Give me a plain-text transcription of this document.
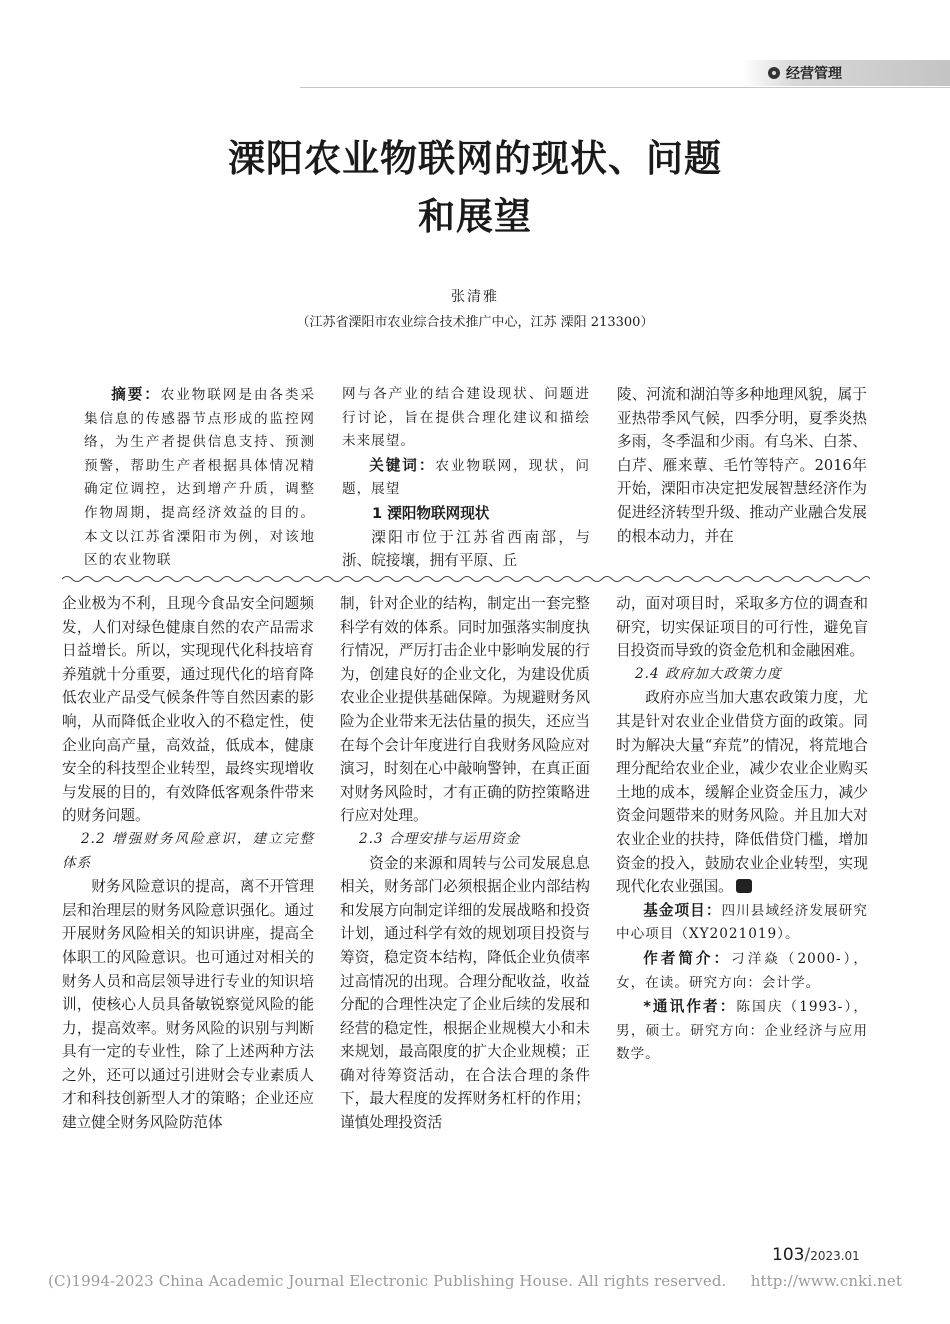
经营管理
溧阳农业物联网的现状、问题
和展望
张清雅
（江苏省溧阳市农业综合技术推广中心，江苏 溧阳 213300）

摘要：农业物联网是由各类采集信息的传感器节点形成的监控网络，为生产者提供信息支持、预测预警，帮助生产者根据具体情况精确定位调控，达到增产升质，调整作物周期，提高经济效益的目的。本文以江苏省溧阳市为例，对该地区的农业物联

网与各产业的结合建设现状、问题进行讨论，旨在提供合理化建议和描绘未来展望。

关键词：农业物联网，现状，问题，展望

1 溧阳物联网现状

溧阳市位于江苏省西南部，与浙、皖接壤，拥有平原、丘

陵、河流和湖泊等多种地理风貌，属于亚热带季风气候，四季分明，夏季炎热多雨，冬季温和少雨。有乌米、白茶、白芹、雁来蕈、毛竹等特产。2016年开始，溧阳市决定把发展智慧经济作为促进经济转型升级、推动产业融合发展的根本动力，并在

企业极为不利，且现今食品安全问题频发，人们对绿色健康自然的农产品需求日益增长。所以，实现现代化科技培育养殖就十分重要，通过现代化的培育降低农业产品受气候条件等自然因素的影响，从而降低企业收入的不稳定性，使企业向高产量，高效益，低成本，健康安全的科技型企业转型，最终实现增收与发展的目的，有效降低客观条件带来的财务问题。

2.2 增强财务风险意识，建立完整体系

财务风险意识的提高，离不开管理层和治理层的财务风险意识强化。通过开展财务风险相关的知识讲座，提高全体职工的风险意识。也可通过对相关的财务人员和高层领导进行专业的知识培训，使核心人员具备敏锐察觉风险的能力，提高效率。财务风险的识别与判断具有一定的专业性，除了上述两种方法之外，还可以通过引进财会专业素质人才和科技创新型人才的策略；企业还应建立健全财务风险防范体

制，针对企业的结构，制定出一套完整科学有效的体系。同时加强落实制度执行情况，严厉打击企业中影响发展的行为，创建良好的企业文化，为建设优质农业企业提供基础保障。为规避财务风险为企业带来无法估量的损失，还应当在每个会计年度进行自我财务风险应对演习，时刻在心中敲响警钟，在真正面对财务风险时，才有正确的防控策略进行应对处理。

2.3 合理安排与运用资金

资金的来源和周转与公司发展息息相关，财务部门必须根据企业内部结构和发展方向制定详细的发展战略和投资计划，通过科学有效的规划项目投资与筹资，稳定资本结构，降低企业负债率过高情况的出现。合理分配收益，收益分配的合理性决定了企业后续的发展和经营的稳定性，根据企业规模大小和未来规划，最高限度的扩大企业规模；正确对待筹资活动，在合法合理的条件下，最大程度的发挥财务杠杆的作用；谨慎处理投资活

动，面对项目时，采取多方位的调查和研究，切实保证项目的可行性，避免盲目投资而导致的资金危机和金融困难。

2.4 政府加大政策力度

政府亦应当加大惠农政策力度，尤其是针对农业企业借贷方面的政策。同时为解决大量“弃荒”的情况，将荒地合理分配给农业企业，减少农业企业购买土地的成本，缓解企业资金压力，减少资金问题带来的财务风险。并且加大对农业企业的扶持，降低借贷门槛，增加资金的投入，鼓励农业企业转型，实现现代化农业强国。

基金项目：四川县域经济发展研究中心项目（XY2021019）。

作者简介：刁洋焱（2000-），女，在读。研究方向：会计学。

*通讯作者：陈国庆（1993-），男，硕士。研究方向：企业经济与应用数学。

103/2023.01
(C)1994-2023 China Academic Journal Electronic Publishing House. All rights reserved. http://www.cnki.net
